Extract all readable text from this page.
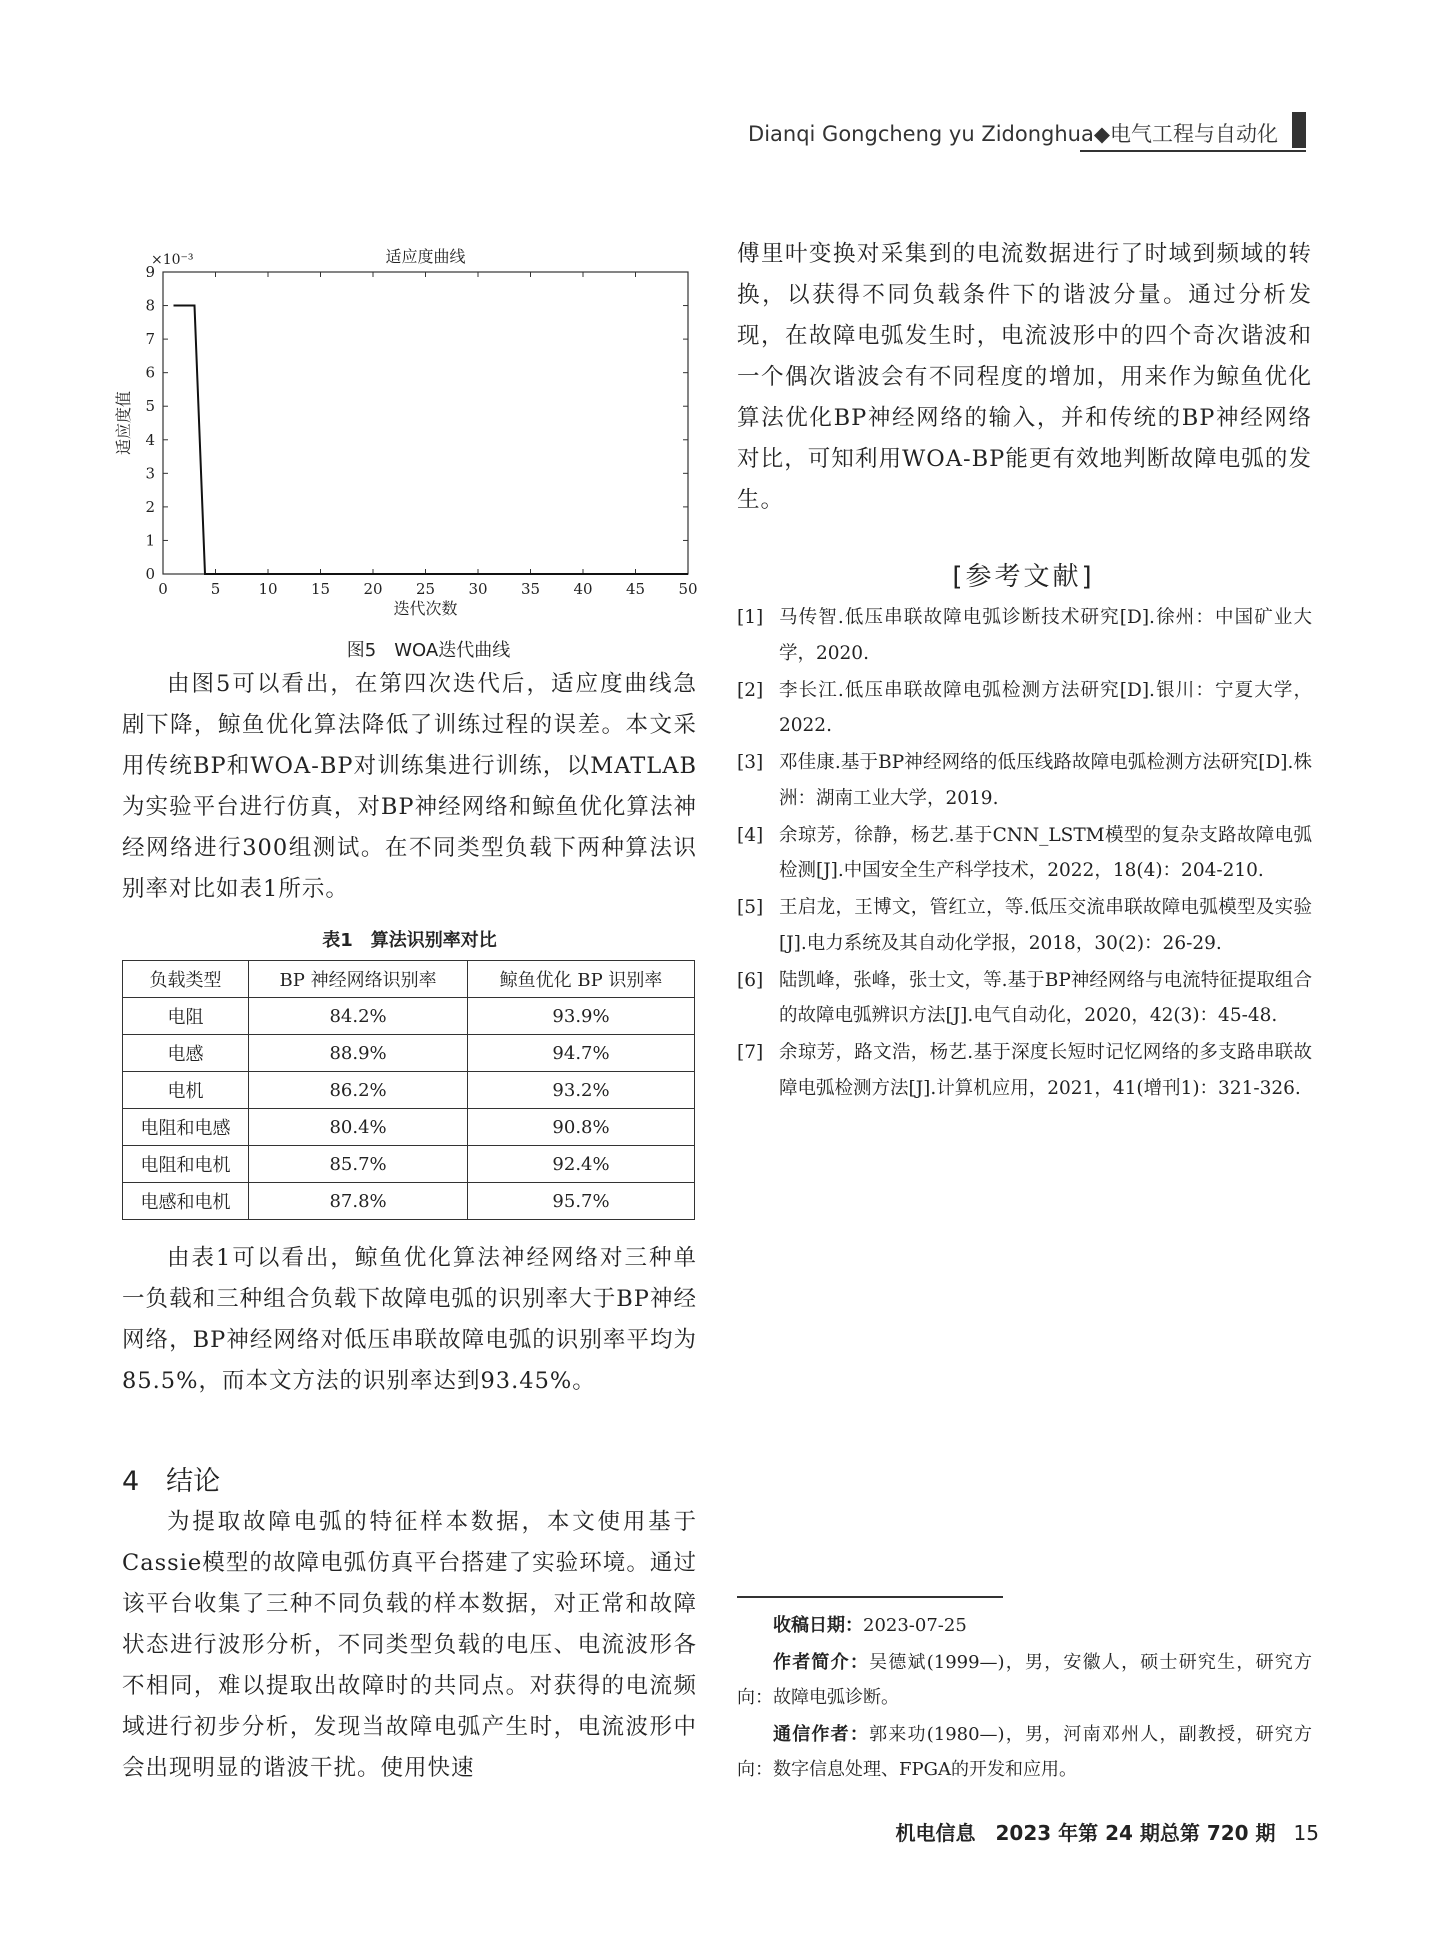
Dianqi Gongcheng yu Zidonghua◆电气工程与自动化
0	5	10 15 20 25 30 35 40 45 50
0
1
2
3
4
5
6
7
8
9
×10⁻³	适应度曲线
迭代次数
适应度值
图5　WOA迭代曲线

由图5可以看出，在第四次迭代后，适应度曲线急剧下降，鲸鱼优化算法降低了训练过程的误差。本文采用传统BP和WOA-BP对训练集进行训练，以MATLAB为实验平台进行仿真，对BP神经网络和鲸鱼优化算法神经网络进行300组测试。在不同类型负载下两种算法识别率对比如表1所示。

表1　算法识别率对比
负载类型	BP 神经网络识别率	鲸鱼优化 BP 识别率
电阻	84.2%	93.9%
电感	88.9%	94.7%
电机	86.2%	93.2%
电阻和电感	80.4%	90.8%
电阻和电机	85.7%	92.4%
电感和电机	87.8%	95.7%

由表1可以看出，鲸鱼优化算法神经网络对三种单一负载和三种组合负载下故障电弧的识别率大于BP神经网络，BP神经网络对低压串联故障电弧的识别率平均为85.5%，而本文方法的识别率达到93.45%。

4　结论

为提取故障电弧的特征样本数据，本文使用基于Cassie模型的故障电弧仿真平台搭建了实验环境。通过该平台收集了三种不同负载的样本数据，对正常和故障状态进行波形分析，不同类型负载的电压、电流波形各不相同，难以提取出故障时的共同点。对获得的电流频域进行初步分析，发现当故障电弧产生时，电流波形中会出现明显的谐波干扰。使用快速

傅里叶变换对采集到的电流数据进行了时域到频域的转换，以获得不同负载条件下的谐波分量。通过分析发现，在故障电弧发生时，电流波形中的四个奇次谐波和一个偶次谐波会有不同程度的增加，用来作为鲸鱼优化算法优化BP神经网络的输入，并和传统的BP神经网络对比，可知利用WOA-BP能更有效地判断故障电弧的发生。

[参考文献]
[1] 马传智.低压串联故障电弧诊断技术研究[D].徐州：中国矿业大学，2020.
[2] 李长江.低压串联故障电弧检测方法研究[D].银川：宁夏大学，2022.
[3] 邓佳康.基于BP神经网络的低压线路故障电弧检测方法研究[D].株洲：湖南工业大学，2019.
[4] 余琼芳，徐静，杨艺.基于CNN_LSTM模型的复杂支路故障电弧检测[J].中国安全生产科学技术，2022，18(4)：204-210.
[5] 王启龙，王博文，管红立，等.低压交流串联故障电弧模型及实验[J].电力系统及其自动化学报，2018，30(2)：26-29.
[6] 陆凯峰，张峰，张士文，等.基于BP神经网络与电流特征提取组合的故障电弧辨识方法[J].电气自动化，2020，42(3)：45-48.
[7] 余琼芳，路文浩，杨艺.基于深度长短时记忆网络的多支路串联故障电弧检测方法[J].计算机应用，2021，41(增刊1)：321-326.

收稿日期：2023-07-25

作者简介：吴德斌(1999—)，男，安徽人，硕士研究生，研究方向：故障电弧诊断。

通信作者：郭来功(1980—)，男，河南邓州人，副教授，研究方向：数字信息处理、FPGA的开发和应用。

机电信息　2023 年第 24 期总第 720 期 15
